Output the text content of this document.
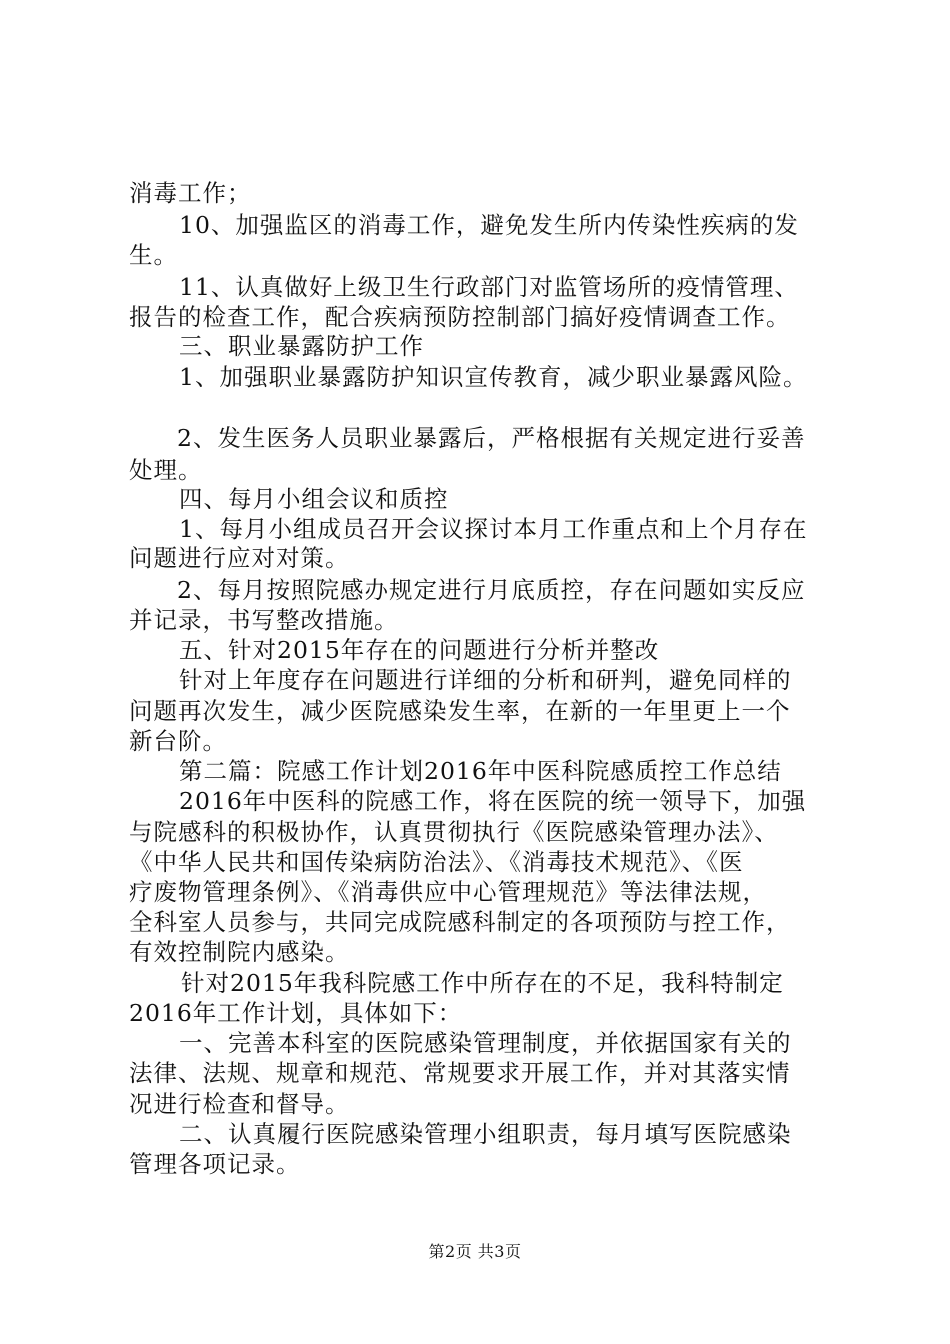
消毒工作；
10、加强监区的消毒工作，避免发生所内传染性疾病的发
生。
11、认真做好上级卫生行政部门对监管场所的疫情管理、
报告的检查工作，配合疾病预防控制部门搞好疫情调查工作。
三、职业暴露防护工作
1、加强职业暴露防护知识宣传教育，减少职业暴露风险。
2、发生医务人员职业暴露后，严格根据有关规定进行妥善
处理。
四、每月小组会议和质控
1、每月小组成员召开会议探讨本月工作重点和上个月存在
问题进行应对对策。
2、每月按照院感办规定进行月底质控，存在问题如实反应
并记录，书写整改措施。
五、针对2015年存在的问题进行分析并整改
针对上年度存在问题进行详细的分析和研判，避免同样的
问题再次发生，减少医院感染发生率，在新的一年里更上一个
新台阶。
第二篇：院感工作计划2016年中医科院感质控工作总结
2016年中医科的院感工作，将在医院的统一领导下，加强
与院感科的积极协作，认真贯彻执行《医院感染管理办法》、
《中华人民共和国传染病防治法》、《消毒技术规范》、《医
疗废物管理条例》、《消毒供应中心管理规范》等法律法规，
全科室人员参与，共同完成院感科制定的各项预防与控工作，
有效控制院内感染。
针对2015年我科院感工作中所存在的不足，我科特制定
2016年工作计划，具体如下：
一、完善本科室的医院感染管理制度，并依据国家有关的
法律、法规、规章和规范、常规要求开展工作，并对其落实情
况进行检查和督导。
二、认真履行医院感染管理小组职责，每月填写医院感染
管理各项记录。
第2页 共3页
